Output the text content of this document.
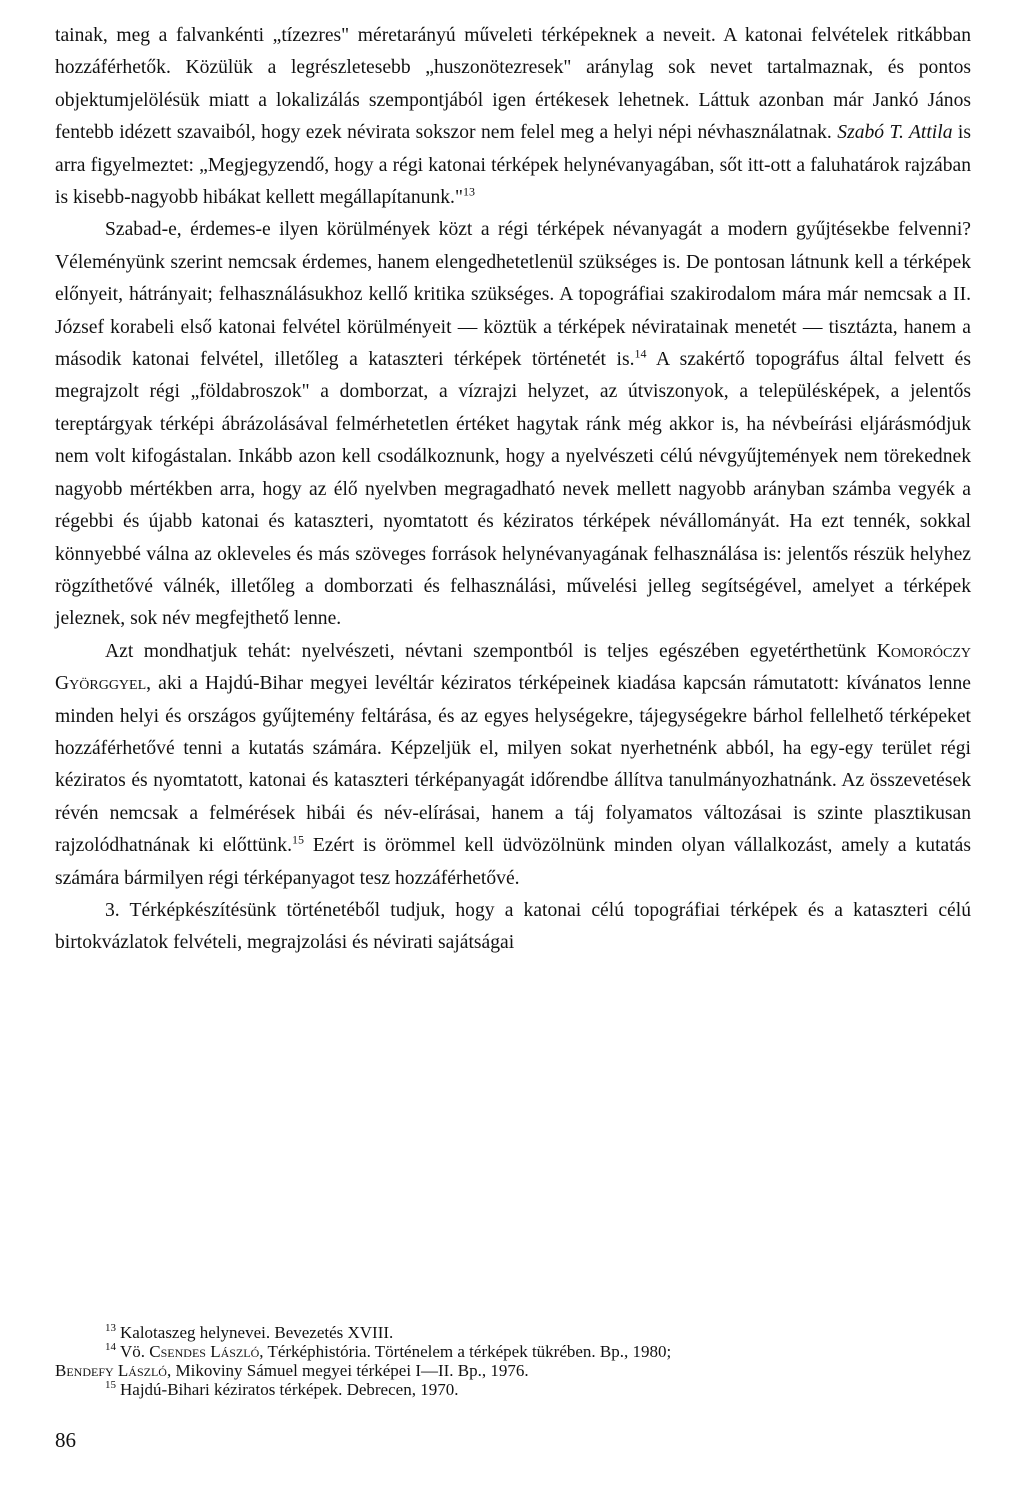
tainak, meg a falvankénti „tízezres" méretarányú műveleti térképeknek a neveit. A katonai felvételek ritkábban hozzáférhetők. Közülük a legrészletesebb „huszonötezresek" aránylag sok nevet tartalmaznak, és pontos objektumjelölésük miatt a lokalizálás szempontjából igen értékesek lehetnek. Láttuk azonban már Jankó János fentebb idézett szavaiból, hogy ezek névirata sokszor nem felel meg a helyi népi névhasználatnak. Szabó T. Attila is arra figyelmeztet: „Megjegyzendő, hogy a régi katonai térképek helynévanyagában, sőt itt-ott a faluhatárok rajzában is kisebb-nagyobb hibákat kellett megállapítanunk."$^{13}$

Szabad-e, érdemes-e ilyen körülmények közt a régi térképek névanyagát a modern gyűjtésekbe felvenni? Véleményünk szerint nemcsak érdemes, hanem elengedhetetlenül szükséges is. De pontosan látnunk kell a térképek előnyeit, hátrányait; felhasználásukhoz kellő kritika szükséges. A topográfiai szakirodalom mára már nemcsak a II. József korabeli első katonai felvétel körülményeit — köztük a térképek néviratainak menetét — tisztázta, hanem a második katonai felvétel, illetőleg a kataszteri térképek történetét is.$^{14}$ A szakértő topográfus által felvett és megrajzolt régi „földabroszok" a domborzat, a vízrajzi helyzet, az útviszonyok, a településképek, a jelentős tereptárgyak térképi ábrázolásával felmérhetetlen értéket hagytak ránk még akkor is, ha névbeírási eljárásmódjuk nem volt kifogástalan. Inkább azon kell csodálkoznunk, hogy a nyelvészeti célú névgyűjtemények nem törekednek nagyobb mértékben arra, hogy az élő nyelvben megragadható nevek mellett nagyobb arányban számba vegyék a régebbi és újabb katonai és kataszteri, nyomtatott és kéziratos térképek névállományát. Ha ezt tennék, sokkal könnyebbé válna az okleveles és más szöveges források helynévanyagának felhasználása is: jelentős részük helyhez rögzíthetővé válnék, illetőleg a domborzati és felhasználási, művelési jelleg segítségével, amelyet a térképek jeleznek, sok név megfejthető lenne.

Azt mondhatjuk tehát: nyelvészeti, névtani szempontból is teljes egészében egyetérthetünk Komoróczy Györggyel, aki a Hajdú-Bihar megyei levéltár kéziratos térképeinek kiadása kapcsán rámutatott: kívánatos lenne minden helyi és országos gyűjtemény feltárása, és az egyes helységekre, tájegységekre bárhol fellelhető térképeket hozzáférhetővé tenni a kutatás számára. Képzeljük el, milyen sokat nyerhetnénk abból, ha egy-egy terület régi kéziratos és nyomtatott, katonai és kataszteri térképanyagát időrendbe állítva tanulmányozhatnánk. Az összevetések révén nemcsak a felmérések hibái és név-elírásai, hanem a táj folyamatos változásai is szinte plasztikusan rajzolódhatnának ki előttünk.$^{15}$ Ezért is örömmel kell üdvözölnünk minden olyan vállalkozást, amely a kutatás számára bármilyen régi térképanyagot tesz hozzáférhetővé.

3. Térképkészítésünk történetéből tudjuk, hogy a katonai célú topográfiai térképek és a kataszteri célú birtokvázlatok felvételi, megrajzolási és névirati sajátságai

$^{13}$ Kalotaszeg helynevei. Bevezetés XVIII.

$^{14}$ Vö. Csendes László, Térképhistória. Történelem a térképek tükrében. Bp., 1980;

Bendefy László, Mikoviny Sámuel megyei térképei I—II. Bp., 1976.

$^{15}$ Hajdú-Bihari kéziratos térképek. Debrecen, 1970.

86
